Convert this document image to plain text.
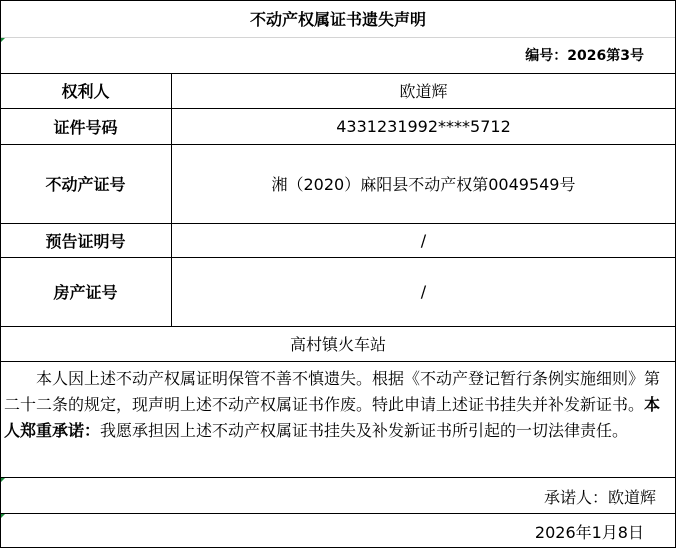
不动产权属证书遗失声明
编号：2026第3号
权利人	欧道辉
证件号码	4331231992****5712
不动产证号	湘（2020）麻阳县不动产权第0049549号
预告证明号	/
房产证号	/
高村镇火车站
本人因上述不动产权属证明保管不善不慎遗失。根据《不动产登记暂行条例实施细则》第二十二条的规定，现声明上述不动产权属证书作废。特此申请上述证书挂失并补发新证书。本人郑重承诺：我愿承担因上述不动产权属证书挂失及补发新证书所引起的一切法律责任。
承诺人：欧道辉
2026年1月8日
